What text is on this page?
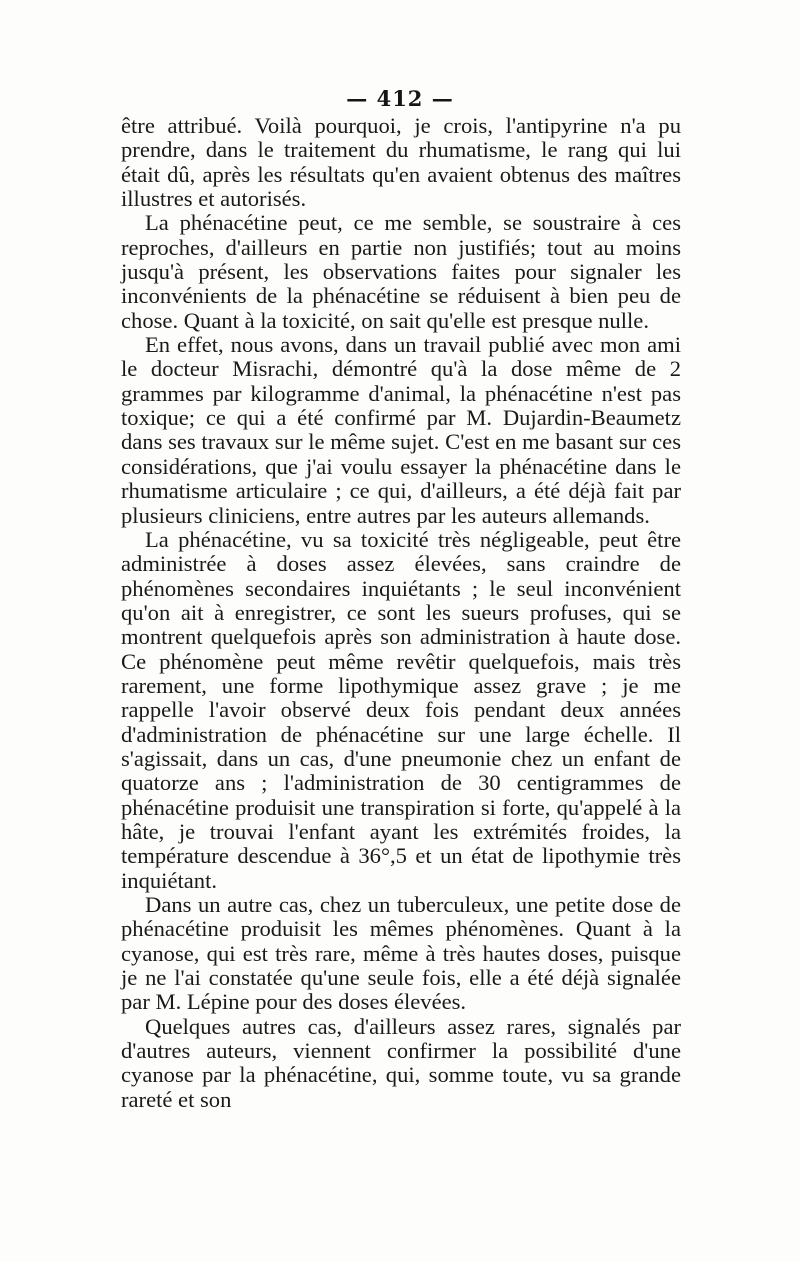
— 412 —

être attribué. Voilà pourquoi, je crois, l'antipyrine n'a pu prendre, dans le traitement du rhumatisme, le rang qui lui était dû, après les résultats qu'en avaient obtenus des maîtres illustres et autorisés.

La phénacétine peut, ce me semble, se soustraire à ces reproches, d'ailleurs en partie non justifiés; tout au moins jusqu'à présent, les observations faites pour signaler les inconvénients de la phénacétine se réduisent à bien peu de chose. Quant à la toxicité, on sait qu'elle est presque nulle.

En effet, nous avons, dans un travail publié avec mon ami le docteur Misrachi, démontré qu'à la dose même de 2 grammes par kilogramme d'animal, la phénacétine n'est pas toxique; ce qui a été confirmé par M. Dujardin-Beaumetz dans ses travaux sur le même sujet. C'est en me basant sur ces considérations, que j'ai voulu essayer la phénacétine dans le rhumatisme articulaire ; ce qui, d'ailleurs, a été déjà fait par plusieurs cliniciens, entre autres par les auteurs allemands.

La phénacétine, vu sa toxicité très négligeable, peut être administrée à doses assez élevées, sans craindre de phénomènes secondaires inquiétants ; le seul inconvénient qu'on ait à enregistrer, ce sont les sueurs profuses, qui se montrent quelquefois après son administration à haute dose. Ce phénomène peut même revêtir quelquefois, mais très rarement, une forme lipothymique assez grave ; je me rappelle l'avoir observé deux fois pendant deux années d'administration de phénacétine sur une large échelle. Il s'agissait, dans un cas, d'une pneumonie chez un enfant de quatorze ans ; l'administration de 30 centigrammes de phénacétine produisit une transpiration si forte, qu'appelé à la hâte, je trouvai l'enfant ayant les extrémités froides, la température descendue à 36°,5 et un état de lipothymie très inquiétant.

Dans un autre cas, chez un tuberculeux, une petite dose de phénacétine produisit les mêmes phénomènes. Quant à la cyanose, qui est très rare, même à très hautes doses, puisque je ne l'ai constatée qu'une seule fois, elle a été déjà signalée par M. Lépine pour des doses élevées.

Quelques autres cas, d'ailleurs assez rares, signalés par d'autres auteurs, viennent confirmer la possibilité d'une cyanose par la phénacétine, qui, somme toute, vu sa grande rareté et son
